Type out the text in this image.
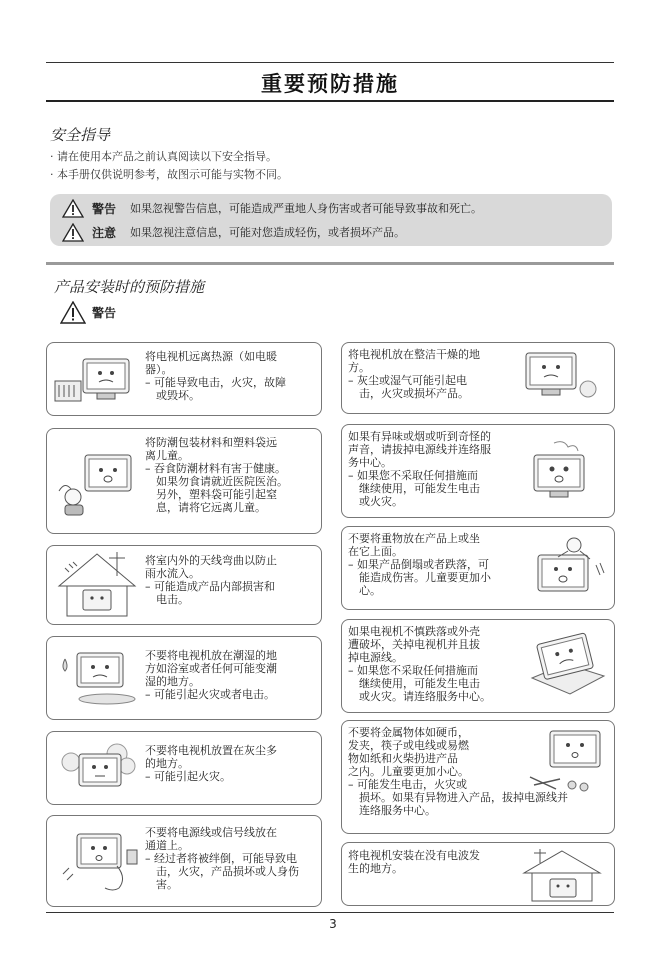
重要预防措施
安全指导
· 请在使用本产品之前认真阅读以下安全指导。
· 本手册仅供说明参考，故图示可能与实物不同。
警告 如果忽视警告信息，可能造成严重地人身伤害或者可能导致事故和死亡。
注意 如果忽视注意信息，可能对您造成轻伤，或者损坏产品。
产品安装时的预防措施
警告
将电视机远离热源（如电暖
器）。
– 可能导致电击，火灾，故障
或毁坏。
将防潮包装材料和塑料袋远
离儿童。
– 吞食防潮材料有害于健康。
如果勿食请就近医院医治。
另外，塑料袋可能引起窒
息，请将它远离儿童。
将室内外的天线弯曲以防止
雨水流入。
– 可能造成产品内部损害和
电击。
不要将电视机放在潮湿的地
方如浴室或者任何可能变潮
湿的地方。
– 可能引起火灾或者电击。
不要将电视机放置在灰尘多
的地方。
– 可能引起火灾。
不要将电源线或信号线放在
通道上。
– 经过者将被绊倒，可能导致电
击，火灾，产品损坏或人身伤
害。
将电视机放在整洁干燥的地
方。
– 灰尘或湿气可能引起电
击，火灾或损坏产品。
如果有异味或烟或听到奇怪的
声音，请拔掉电源线并连络服
务中心。
– 如果您不采取任何措施而
继续使用，可能发生电击
或火灾。
不要将重物放在产品上或坐
在它上面。
– 如果产品倒塌或者跌落，可
能造成伤害。儿童要更加小
心。
如果电视机不慎跌落或外壳
遭破坏，关掉电视机并且拔
掉电源线。
– 如果您不采取任何措施而
继续使用，可能发生电击
或火灾。请连络服务中心。
不要将金属物体如硬币，
发夹，筷子或电线或易燃
物如纸和火柴扔进产品
之内。儿童要更加小心。
– 可能发生电击，火灾或
损坏。如果有异物进入产品，拔掉电源线并
连络服务中心。
将电视机安装在没有电波发
生的地方。
3
